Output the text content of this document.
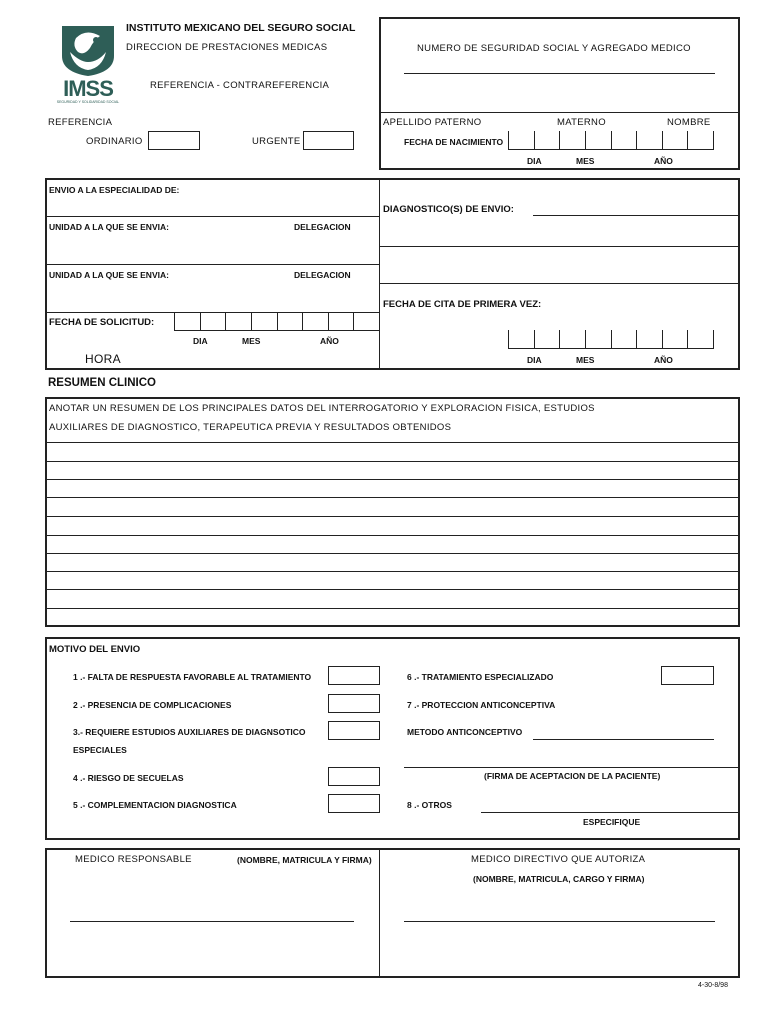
IMSS
SEGURIDAD Y SOLIDARIDAD SOCIAL
INSTITUTO MEXICANO DEL SEGURO SOCIAL
DIRECCION DE PRESTACIONES MEDICAS
REFERENCIA - CONTRAREFERENCIA
REFERENCIA
ORDINARIO	URGENTE
NUMERO DE SEGURIDAD SOCIAL Y AGREGADO MEDICO
APELLIDO PATERNO	MATERNO	NOMBRE
FECHA DE NACIMIENTO
DIA	MES	AÑO
ENVIO A LA ESPECIALIDAD DE:
UNIDAD A LA QUE SE ENVIA:	DELEGACION
UNIDAD A LA QUE SE ENVIA:	DELEGACION
FECHA DE SOLICITUD:
DIA	MES	AÑO
HORA
DIAGNOSTICO(S) DE ENVIO:
FECHA DE CITA DE PRIMERA VEZ:
DIA	MES	AÑO
RESUMEN CLINICO
ANOTAR UN RESUMEN DE LOS PRINCIPALES DATOS DEL INTERROGATORIO Y EXPLORACION FISICA, ESTUDIOS
AUXILIARES DE DIAGNOSTICO, TERAPEUTICA PREVIA Y RESULTADOS OBTENIDOS
MOTIVO DEL ENVIO
1 .- FALTA DE RESPUESTA FAVORABLE AL TRATAMIENTO
2 .- PRESENCIA DE COMPLICACIONES
3.- REQUIERE ESTUDIOS AUXILIARES DE DIAGNSOTICO
ESPECIALES
4 .- RIESGO DE SECUELAS
5 .- COMPLEMENTACION DIAGNOSTICA
6 .- TRATAMIENTO ESPECIALIZADO
7 .- PROTECCION ANTICONCEPTIVA
METODO ANTICONCEPTIVO
(FIRMA DE ACEPTACION DE LA PACIENTE)
8 .- OTROS
ESPECIFIQUE
MEDICO RESPONSABLE	(NOMBRE, MATRICULA Y FIRMA)	MEDICO DIRECTIVO QUE AUTORIZA
(NOMBRE, MATRICULA, CARGO Y FIRMA)
4-30-8/98
